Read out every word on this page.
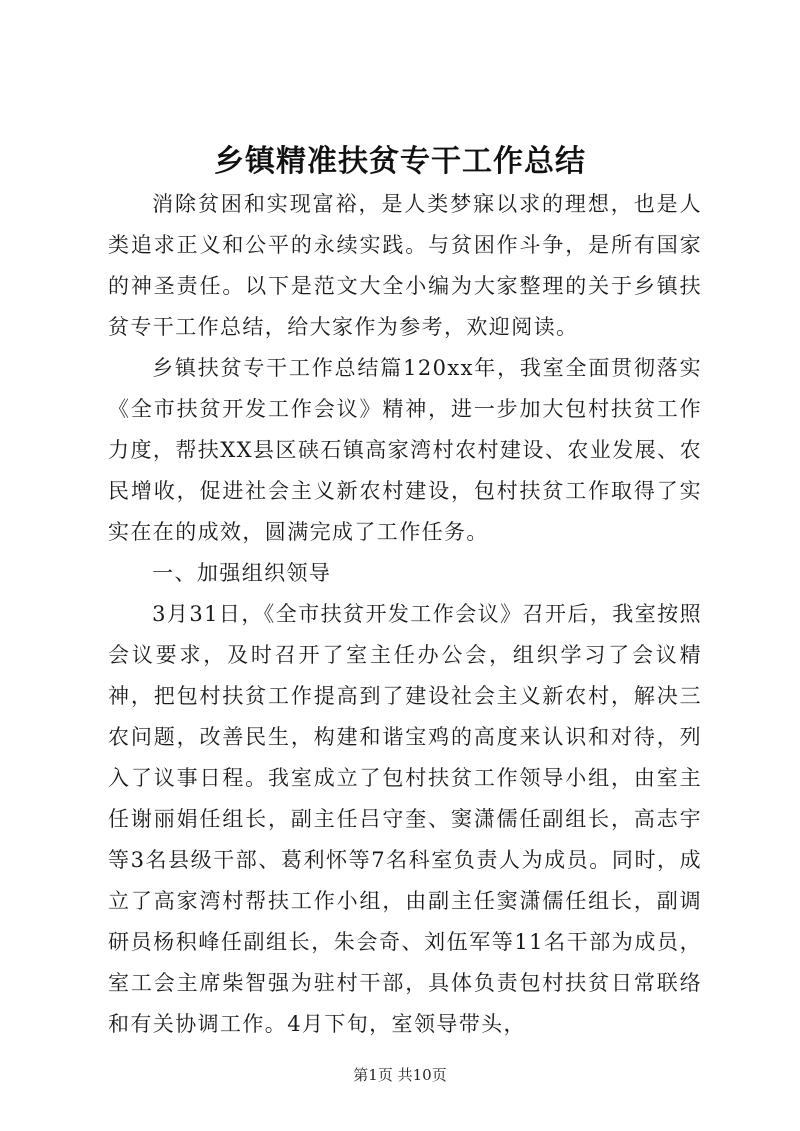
乡镇精准扶贫专干工作总结

消除贫困和实现富裕，是人类梦寐以求的理想，也是人类追求正义和公平的永续实践。与贫困作斗争，是所有国家的神圣责任。以下是范文大全小编为大家整理的关于乡镇扶贫专干工作总结，给大家作为参考，欢迎阅读。

乡镇扶贫专干工作总结篇120xx年，我室全面贯彻落实《全市扶贫开发工作会议》精神，进一步加大包村扶贫工作力度，帮扶XX县区硖石镇高家湾村农村建设、农业发展、农民增收，促进社会主义新农村建设，包村扶贫工作取得了实实在在的成效，圆满完成了工作任务。

一、加强组织领导

3月31日，《全市扶贫开发工作会议》召开后，我室按照会议要求，及时召开了室主任办公会，组织学习了会议精神，把包村扶贫工作提高到了建设社会主义新农村，解决三农问题，改善民生，构建和谐宝鸡的高度来认识和对待，列入了议事日程。我室成立了包村扶贫工作领导小组，由室主任谢丽娟任组长，副主任吕守奎、窦潇儒任副组长，高志宇等3名县级干部、葛利怀等7名科室负责人为成员。同时，成立了高家湾村帮扶工作小组，由副主任窦潇儒任组长，副调研员杨积峰任副组长，朱会奇、刘伍军等11名干部为成员，室工会主席柴智强为驻村干部，具体负责包村扶贫日常联络和有关协调工作。4月下旬，室领导带头，

第1页 共10页
